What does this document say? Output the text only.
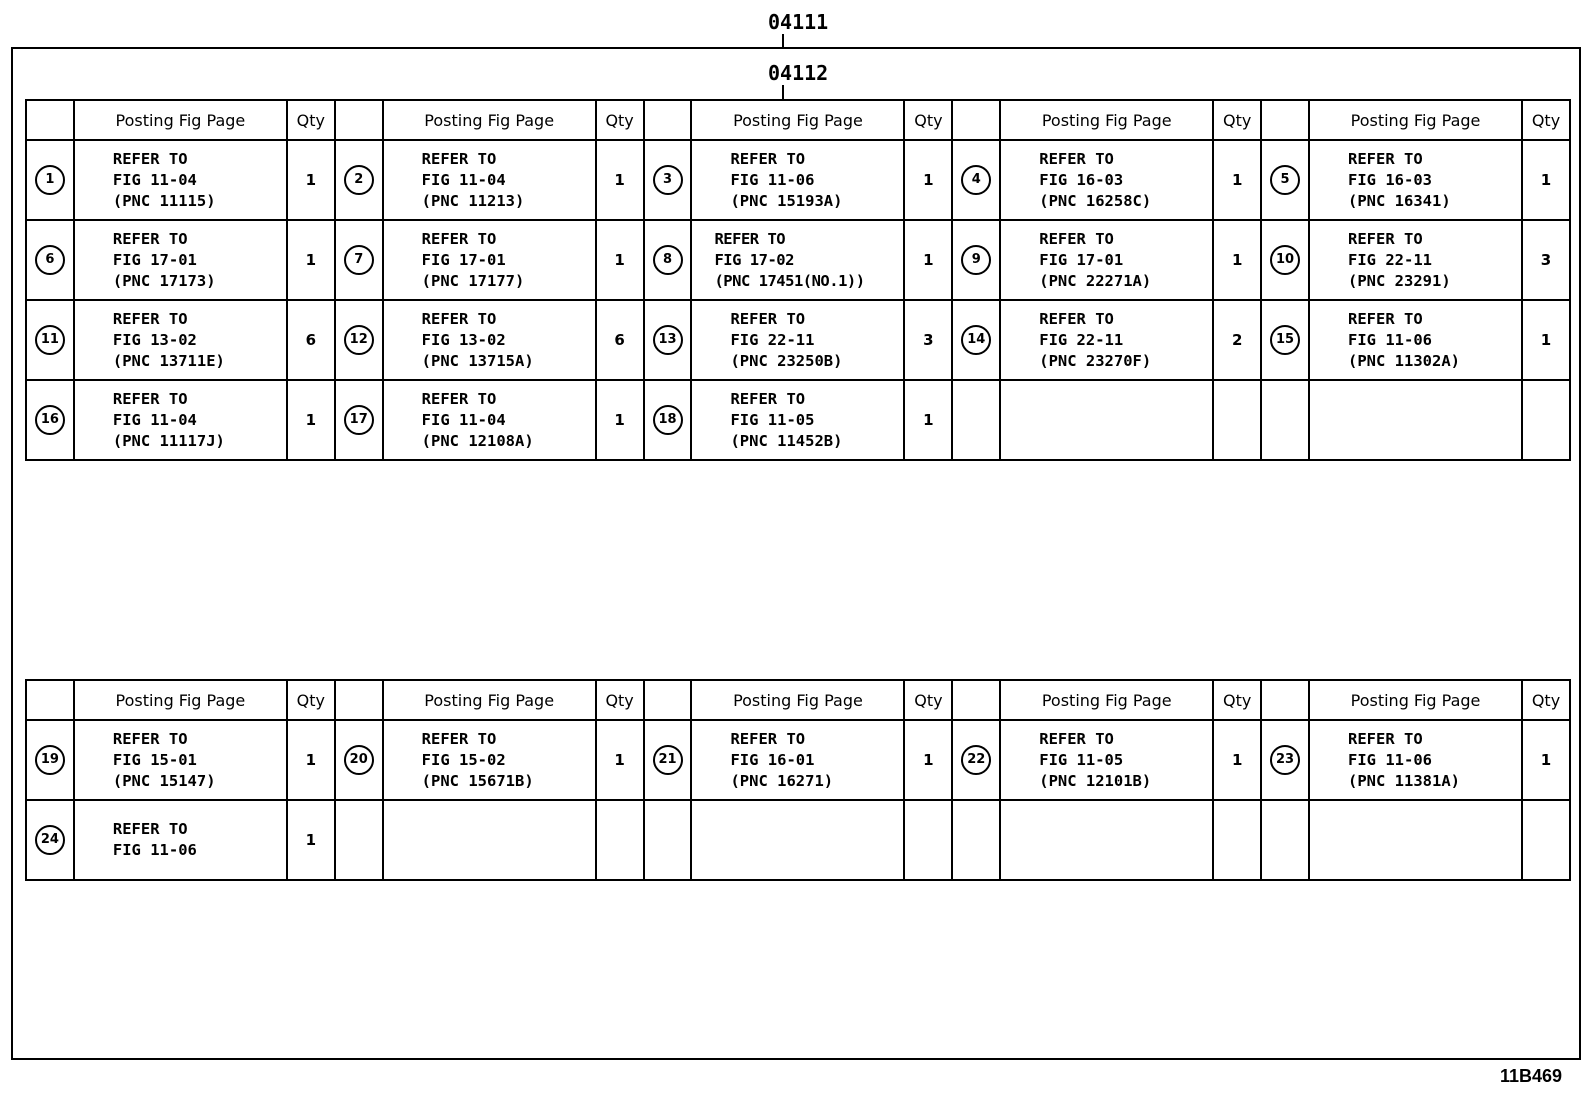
04111
04112
	Posting Fig Page	Qty		Posting Fig Page	Qty		Posting Fig Page	Qty		Posting Fig Page	Qty		Posting Fig Page	Qty
1	REFER TO
FIG 11-04
(PNC 11115)	1	2	REFER TO
FIG 11-04
(PNC 11213)	1	3	REFER TO
FIG 11-06
(PNC 15193A)	1	4	REFER TO
FIG 16-03
(PNC 16258C)	1	5	REFER TO
FIG 16-03
(PNC 16341)	1
6	REFER TO
FIG 17-01
(PNC 17173)	1	7	REFER TO
FIG 17-01
(PNC 17177)	1	8	REFER TO
FIG 17-02
(PNC 17451(NO.1))	1	9	REFER TO
FIG 17-01
(PNC 22271A)	1	10	REFER TO
FIG 22-11
(PNC 23291)	3
11	REFER TO
FIG 13-02
(PNC 13711E)	6	12	REFER TO
FIG 13-02
(PNC 13715A)	6	13	REFER TO
FIG 22-11
(PNC 23250B)	3	14	REFER TO
FIG 22-11
(PNC 23270F)	2	15	REFER TO
FIG 11-06
(PNC 11302A)	1
16	REFER TO
FIG 11-04
(PNC 11117J)	1	17	REFER TO
FIG 11-04
(PNC 12108A)	1	18	REFER TO
FIG 11-05
(PNC 11452B)	1						
	Posting Fig Page	Qty		Posting Fig Page	Qty		Posting Fig Page	Qty		Posting Fig Page	Qty		Posting Fig Page	Qty
19	REFER TO
FIG 15-01
(PNC 15147)	1	20	REFER TO
FIG 15-02
(PNC 15671B)	1	21	REFER TO
FIG 16-01
(PNC 16271)	1	22	REFER TO
FIG 11-05
(PNC 12101B)	1	23	REFER TO
FIG 11-06
(PNC 11381A)	1
24	REFER TO
FIG 11-06	1												
11B469
